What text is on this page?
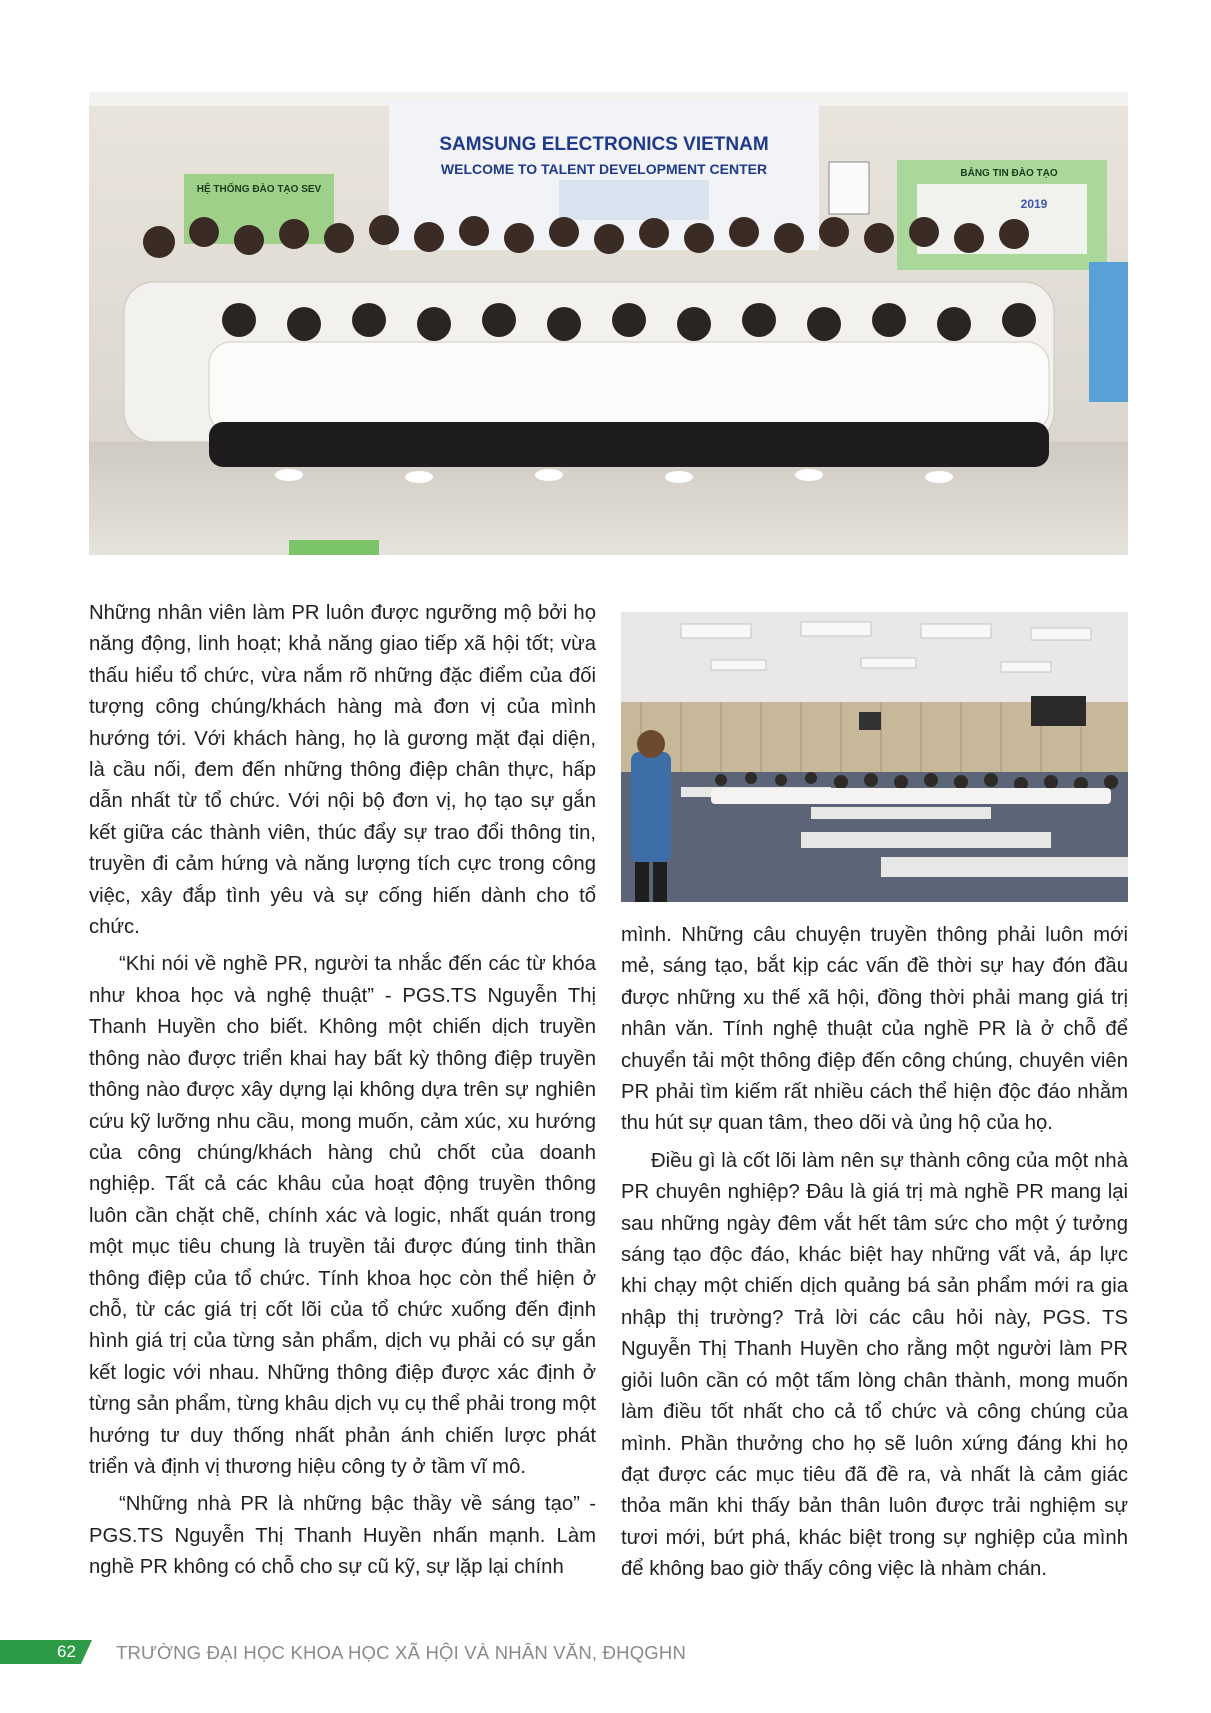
SAMSUNG ELECTRONICS VIETNAM
WELCOME TO TALENT DEVELOPMENT CENTER
HỆ THỐNG ĐÀO TẠO SEV
BẢNG TIN ĐÀO TẠO
2019

Những nhân viên làm PR luôn được ngưỡng mộ bởi họ năng động, linh hoạt; khả năng giao tiếp xã hội tốt; vừa thấu hiểu tổ chức, vừa nắm rõ những đặc điểm của đối tượng công chúng/khách hàng mà đơn vị của mình hướng tới. Với khách hàng, họ là gương mặt đại diện, là cầu nối, đem đến những thông điệp chân thực, hấp dẫn nhất từ tổ chức. Với nội bộ đơn vị, họ tạo sự gắn kết giữa các thành viên, thúc đẩy sự trao đổi thông tin, truyền đi cảm hứng và năng lượng tích cực trong công việc, xây đắp tình yêu và sự cống hiến dành cho tổ chức.

“Khi nói về nghề PR, người ta nhắc đến các từ khóa như khoa học và nghệ thuật” - PGS.TS Nguyễn Thị Thanh Huyền cho biết. Không một chiến dịch truyền thông nào được triển khai hay bất kỳ thông điệp truyền thông nào được xây dựng lại không dựa trên sự nghiên cứu kỹ lưỡng nhu cầu, mong muốn, cảm xúc, xu hướng của công chúng/khách hàng chủ chốt của doanh nghiệp. Tất cả các khâu của hoạt động truyền thông luôn cần chặt chẽ, chính xác và logic, nhất quán trong một mục tiêu chung là truyền tải được đúng tinh thần thông điệp của tổ chức. Tính khoa học còn thể hiện ở chỗ, từ các giá trị cốt lõi của tổ chức xuống đến định hình giá trị của từng sản phẩm, dịch vụ phải có sự gắn kết logic với nhau. Những thông điệp được xác định ở từng sản phẩm, từng khâu dịch vụ cụ thể phải trong một hướng tư duy thống nhất phản ánh chiến lược phát triển và định vị thương hiệu công ty ở tầm vĩ mô.

“Những nhà PR là những bậc thầy về sáng tạo” - PGS.TS Nguyễn Thị Thanh Huyền nhấn mạnh. Làm nghề PR không có chỗ cho sự cũ kỹ, sự lặp lại chính

mình. Những câu chuyện truyền thông phải luôn mới mẻ, sáng tạo, bắt kịp các vấn đề thời sự hay đón đầu được những xu thế xã hội, đồng thời phải mang giá trị nhân văn. Tính nghệ thuật của nghề PR là ở chỗ để chuyển tải một thông điệp đến công chúng, chuyên viên PR phải tìm kiếm rất nhiều cách thể hiện độc đáo nhằm thu hút sự quan tâm, theo dõi và ủng hộ của họ.

Điều gì là cốt lõi làm nên sự thành công của một nhà PR chuyên nghiệp? Đâu là giá trị mà nghề PR mang lại sau những ngày đêm vắt hết tâm sức cho một ý tưởng sáng tạo độc đáo, khác biệt hay những vất vả, áp lực khi chạy một chiến dịch quảng bá sản phẩm mới ra gia nhập thị trường? Trả lời các câu hỏi này, PGS. TS Nguyễn Thị Thanh Huyền cho rằng một người làm PR giỏi luôn cần có một tấm lòng chân thành, mong muốn làm điều tốt nhất cho cả tổ chức và công chúng của mình. Phần thưởng cho họ sẽ luôn xứng đáng khi họ đạt được các mục tiêu đã đề ra, và nhất là cảm giác thỏa mãn khi thấy bản thân luôn được trải nghiệm sự tươi mới, bứt phá, khác biệt trong sự nghiệp của mình để không bao giờ thấy công việc là nhàm chán.

62 TRƯỜNG ĐẠI HỌC KHOA HỌC XÃ HỘI VÀ NHÂN VĂN, ĐHQGHN
